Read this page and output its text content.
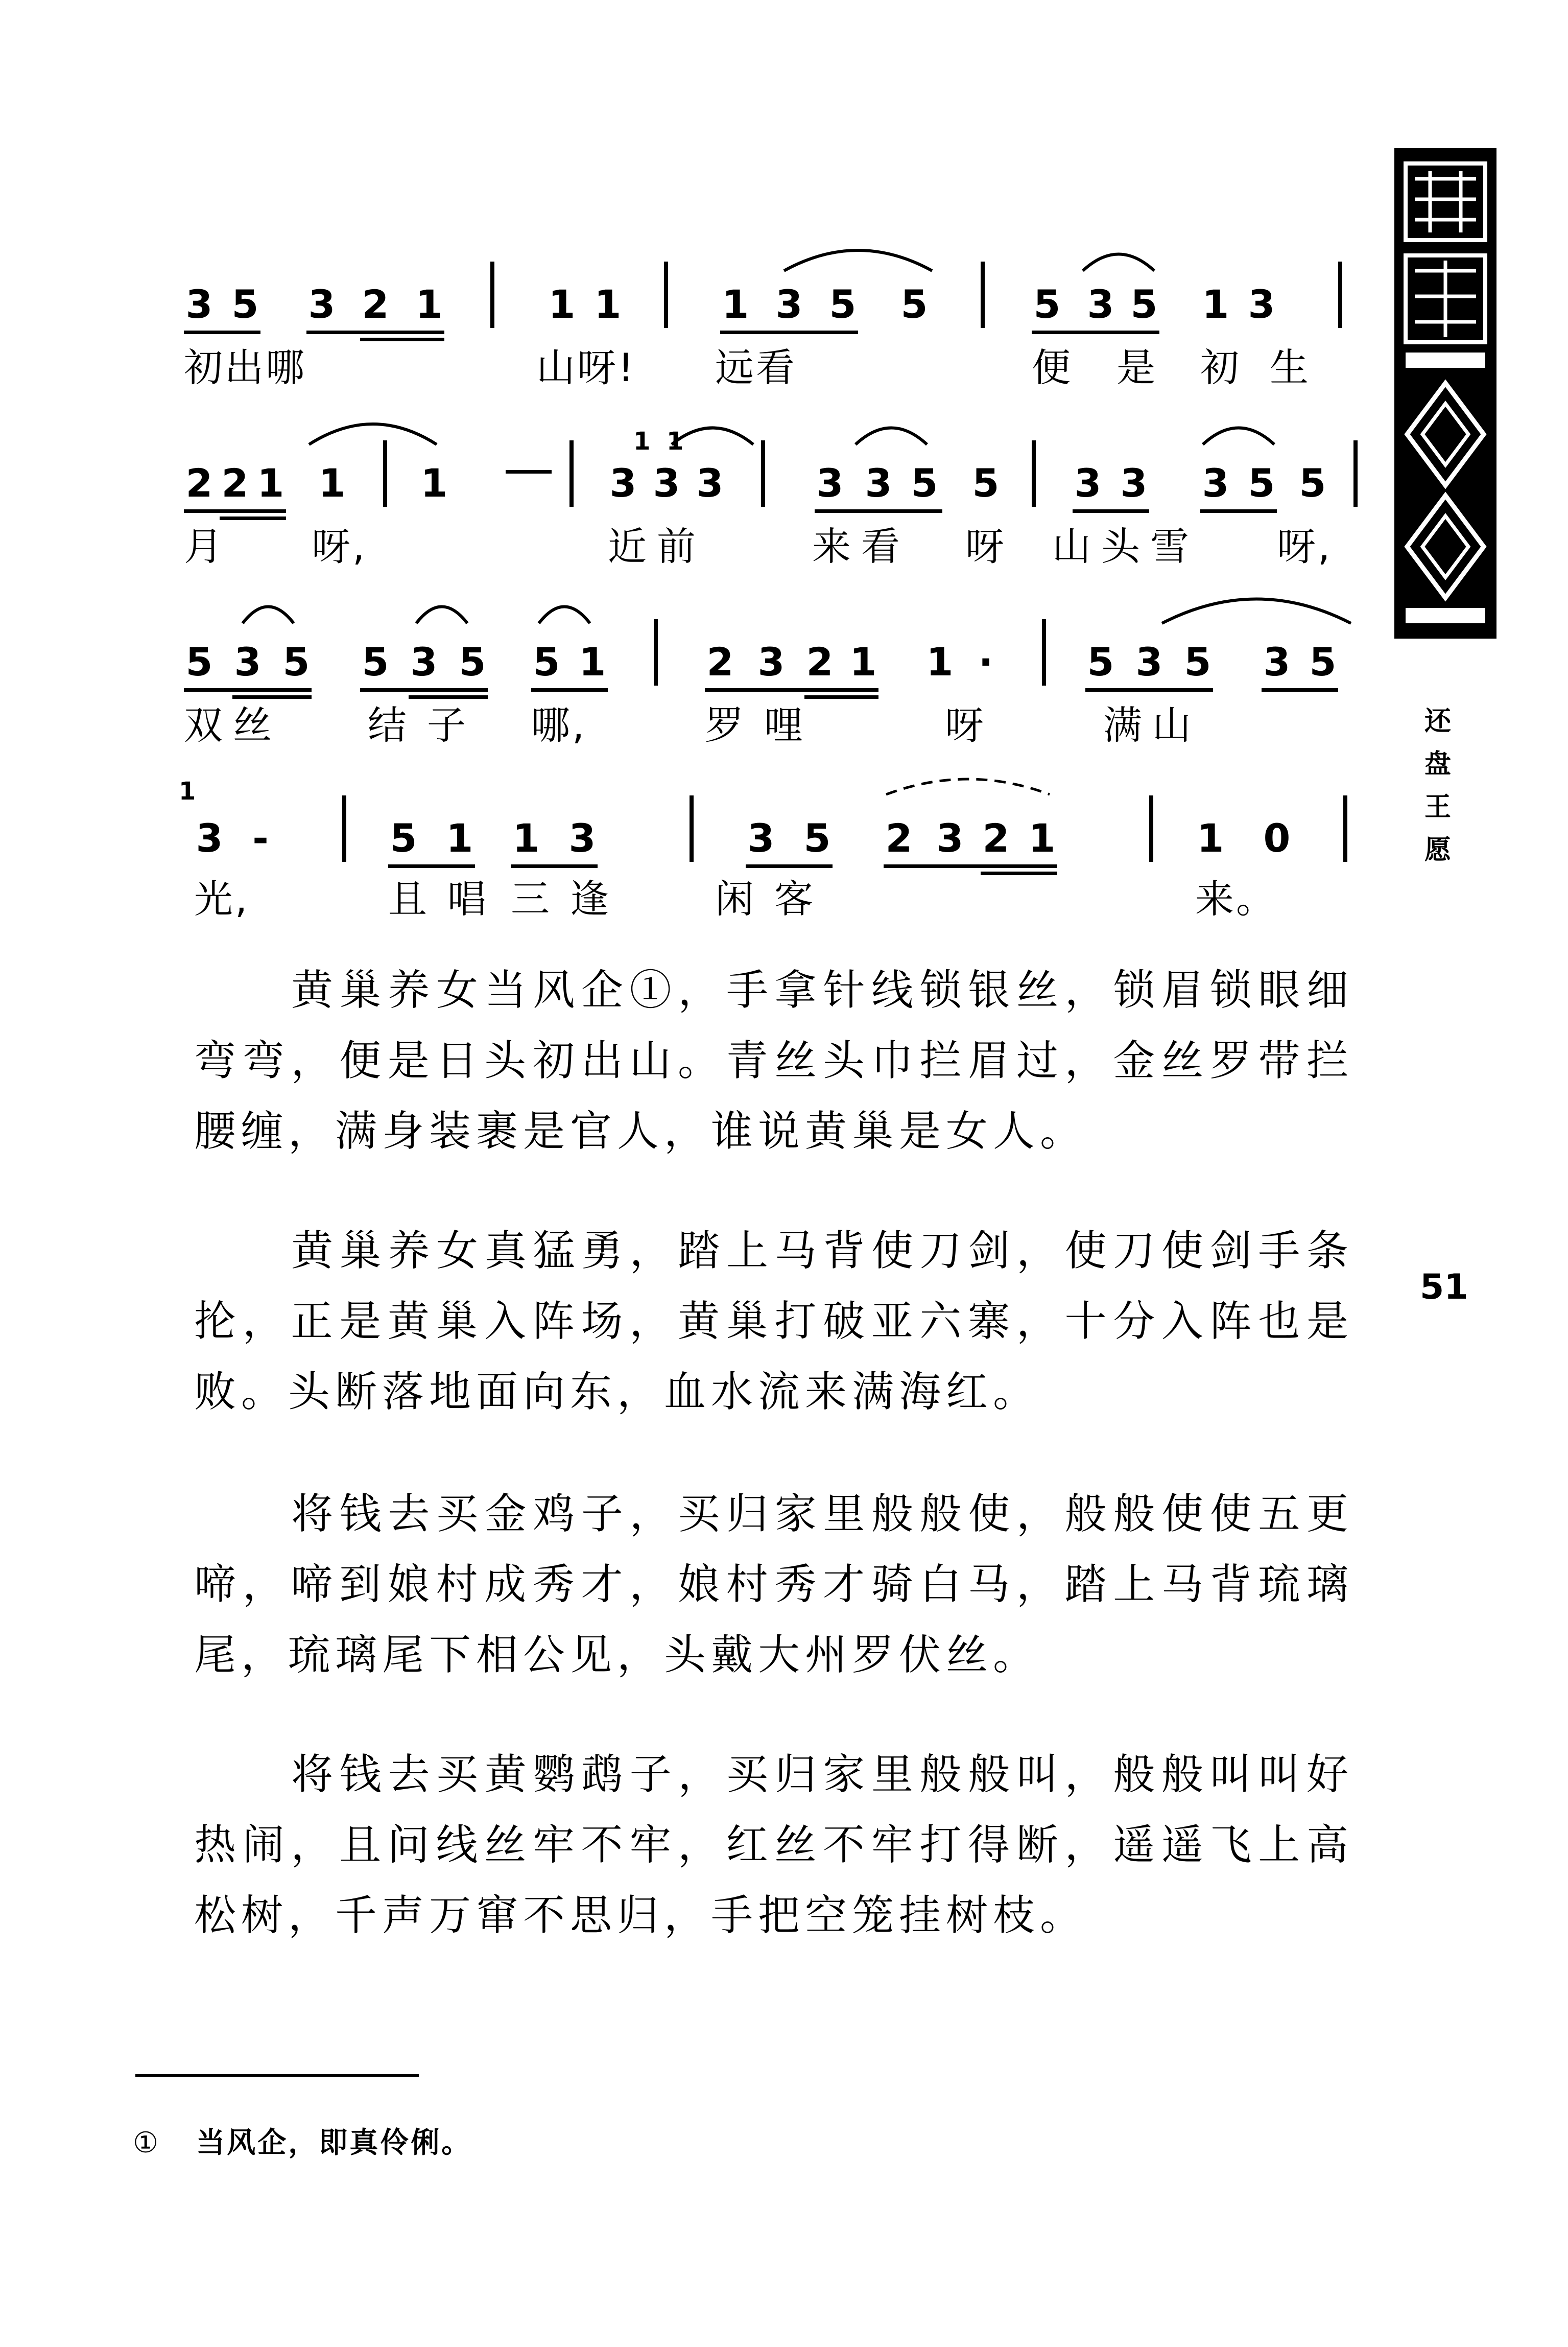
3 5 3 2 1	1 1	1 3 5 5	5 3 5 1 3
初出哪	山呀! 远看	便是
初生
2 2 1 1 1
1
3
1
3 3 3 3 5 5 3 3 3 5 5
月 呀,	近前	来看 呀 山头雪 呀,
5 3 5 5 3 5 5 1	2 3 2 1 1 · 5 3 5 3 5
双丝 结子 哪,	罗哩	呀	满山
1
3 -	5 1 1 3	3 5 2 3 2 1	1 0
光,	且唱 三逢 闲客	来。

黄巢养女当风企①，手拿针线锁银丝，锁眉锁眼细弯弯，便是日头初出山。青丝头巾拦眉过，金丝罗带拦腰缠，满身装裹是官人，谁说黄巢是女人。

黄巢养女真猛勇，踏上马背使刀剑，使刀使剑手条抡，正是黄巢入阵场，黄巢打破亚六寨，十分入阵也是败。头断落地面向东，血水流来满海红。

将钱去买金鸡子，买归家里般般使，般般使使五更啼，啼到娘村成秀才，娘村秀才骑白马，踏上马背琉璃尾，琉璃尾下相公见，头戴大州罗伏丝。

将钱去买黄鹦鹉子，买归家里般般叫，般般叫叫好热闹，且问线丝牢不牢，红丝不牢打得断，遥遥飞上高松树，千声万窜不思归，手把空笼挂树枝。

① 当风企，即真伶俐。
还盘王愿
51
